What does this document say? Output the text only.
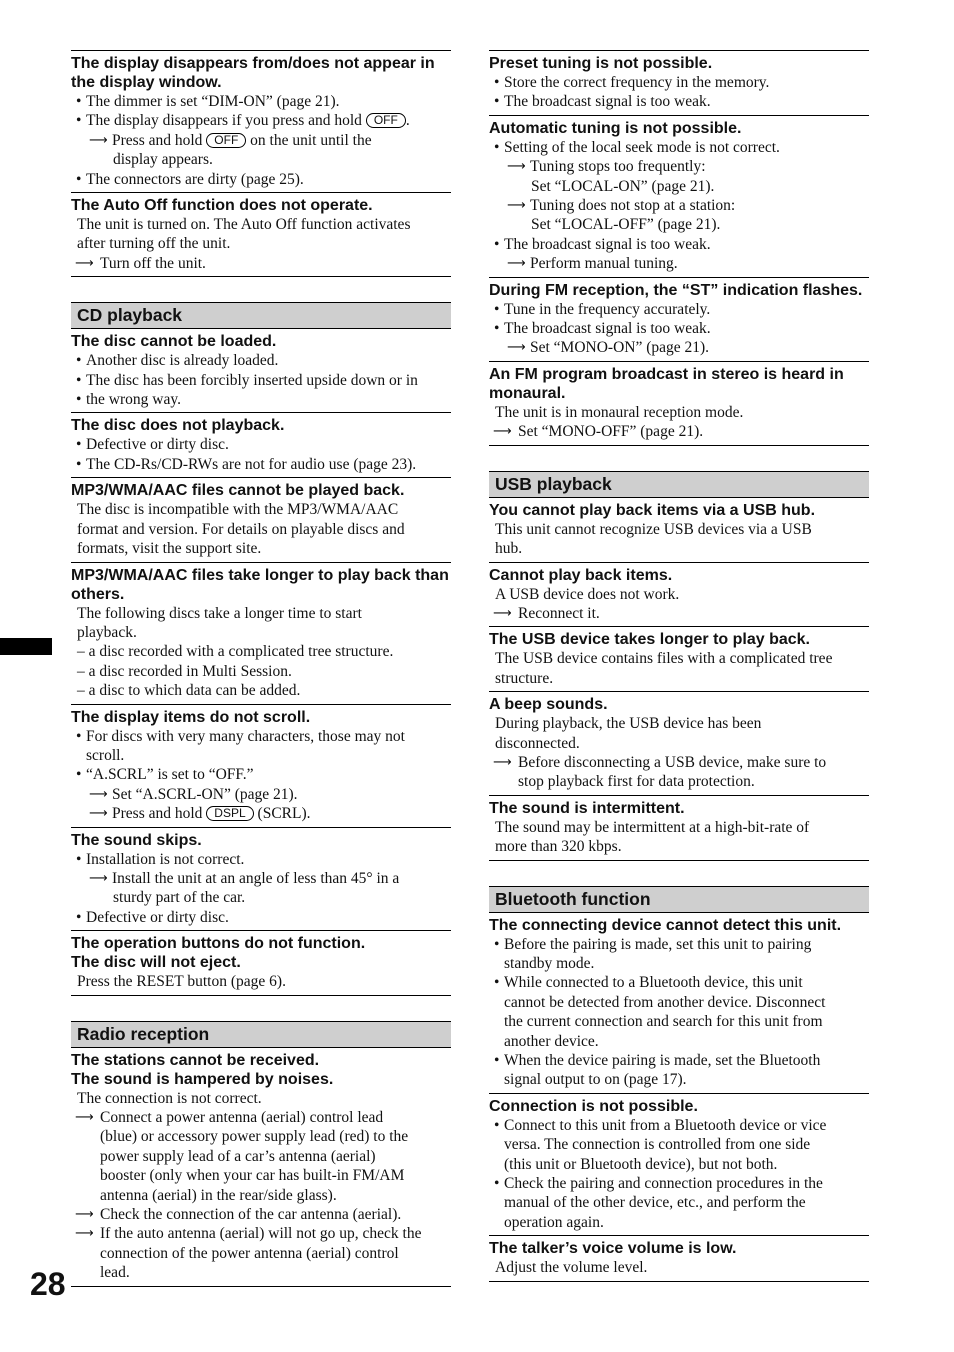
The display disappears from/does not appear in the display window.
• The dimmer is set “DIM-ON” (page 21).
• The display disappears if you press and hold OFF .
⟶ Press and hold OFF on the unit until the
display appears.
• The connectors are dirty (page 25).
The Auto Off function does not operate.
The unit is turned on. The Auto Off function activates
after turning off the unit.
⟶ Turn off the unit.
CD playback
The disc cannot be loaded.
• Another disc is already loaded.
• The disc has been forcibly inserted upside down or in
• the wrong way.
The disc does not playback.
• Defective or dirty disc.
• The CD-Rs/CD-RWs are not for audio use (page 23).
MP3/WMA/AAC files cannot be played back.
The disc is incompatible with the MP3/WMA/AAC
format and version. For details on playable discs and
formats, visit the support site.
MP3/WMA/AAC files take longer to play back than others.
The following discs take a longer time to start
playback.
– a disc recorded with a complicated tree structure.
– a disc recorded in Multi Session.
– a disc to which data can be added.
The display items do not scroll.
• For discs with very many characters, those may not
scroll.
• “A.SCRL” is set to “OFF.”
⟶ Set “A.SCRL-ON” (page 21).
⟶ Press and hold DSPL (SCRL).
The sound skips.
• Installation is not correct.
⟶ Install the unit at an angle of less than 45° in a
sturdy part of the car.
• Defective or dirty disc.
The operation buttons do not function.
The disc will not eject.
Press the RESET button (page 6).
Radio reception
The stations cannot be received.
The sound is hampered by noises.
The connection is not correct.
⟶ Connect a power antenna (aerial) control lead
(blue) or accessory power supply lead (red) to the
power supply lead of a car’s antenna (aerial)
booster (only when your car has built-in FM/AM
antenna (aerial) in the rear/side glass).
⟶ Check the connection of the car antenna (aerial).
⟶ If the auto antenna (aerial) will not go up, check the
connection of the power antenna (aerial) control
lead.
Preset tuning is not possible.
• Store the correct frequency in the memory.
• The broadcast signal is too weak.
Automatic tuning is not possible.
• Setting of the local seek mode is not correct.
⟶ Tuning stops too frequently:
Set “LOCAL-ON” (page 21).
⟶ Tuning does not stop at a station:
Set “LOCAL-OFF” (page 21).
• The broadcast signal is too weak.
⟶ Perform manual tuning.
During FM reception, the “ST” indication flashes.
• Tune in the frequency accurately.
• The broadcast signal is too weak.
⟶ Set “MONO-ON” (page 21).
An FM program broadcast in stereo is heard in monaural.
The unit is in monaural reception mode.
⟶ Set “MONO-OFF” (page 21).
USB playback
You cannot play back items via a USB hub.
This unit cannot recognize USB devices via a USB
hub.
Cannot play back items.
A USB device does not work.
⟶ Reconnect it.
The USB device takes longer to play back.
The USB device contains files with a complicated tree
structure.
A beep sounds.
During playback, the USB device has been
disconnected.
⟶ Before disconnecting a USB device, make sure to
stop playback first for data protection.
The sound is intermittent.
The sound may be intermittent at a high-bit-rate of
more than 320 kbps.
Bluetooth function
The connecting device cannot detect this unit.
• Before the pairing is made, set this unit to pairing
standby mode.
• While connected to a Bluetooth device, this unit
cannot be detected from another device. Disconnect
the current connection and search for this unit from
another device.
• When the device pairing is made, set the Bluetooth
signal output to on (page 17).
Connection is not possible.
• Connect to this unit from a Bluetooth device or vice
versa. The connection is controlled from one side
(this unit or Bluetooth device), but not both.
• Check the pairing and connection procedures in the
manual of the other device, etc., and perform the
operation again.
The talker’s voice volume is low.
Adjust the volume level.
28
